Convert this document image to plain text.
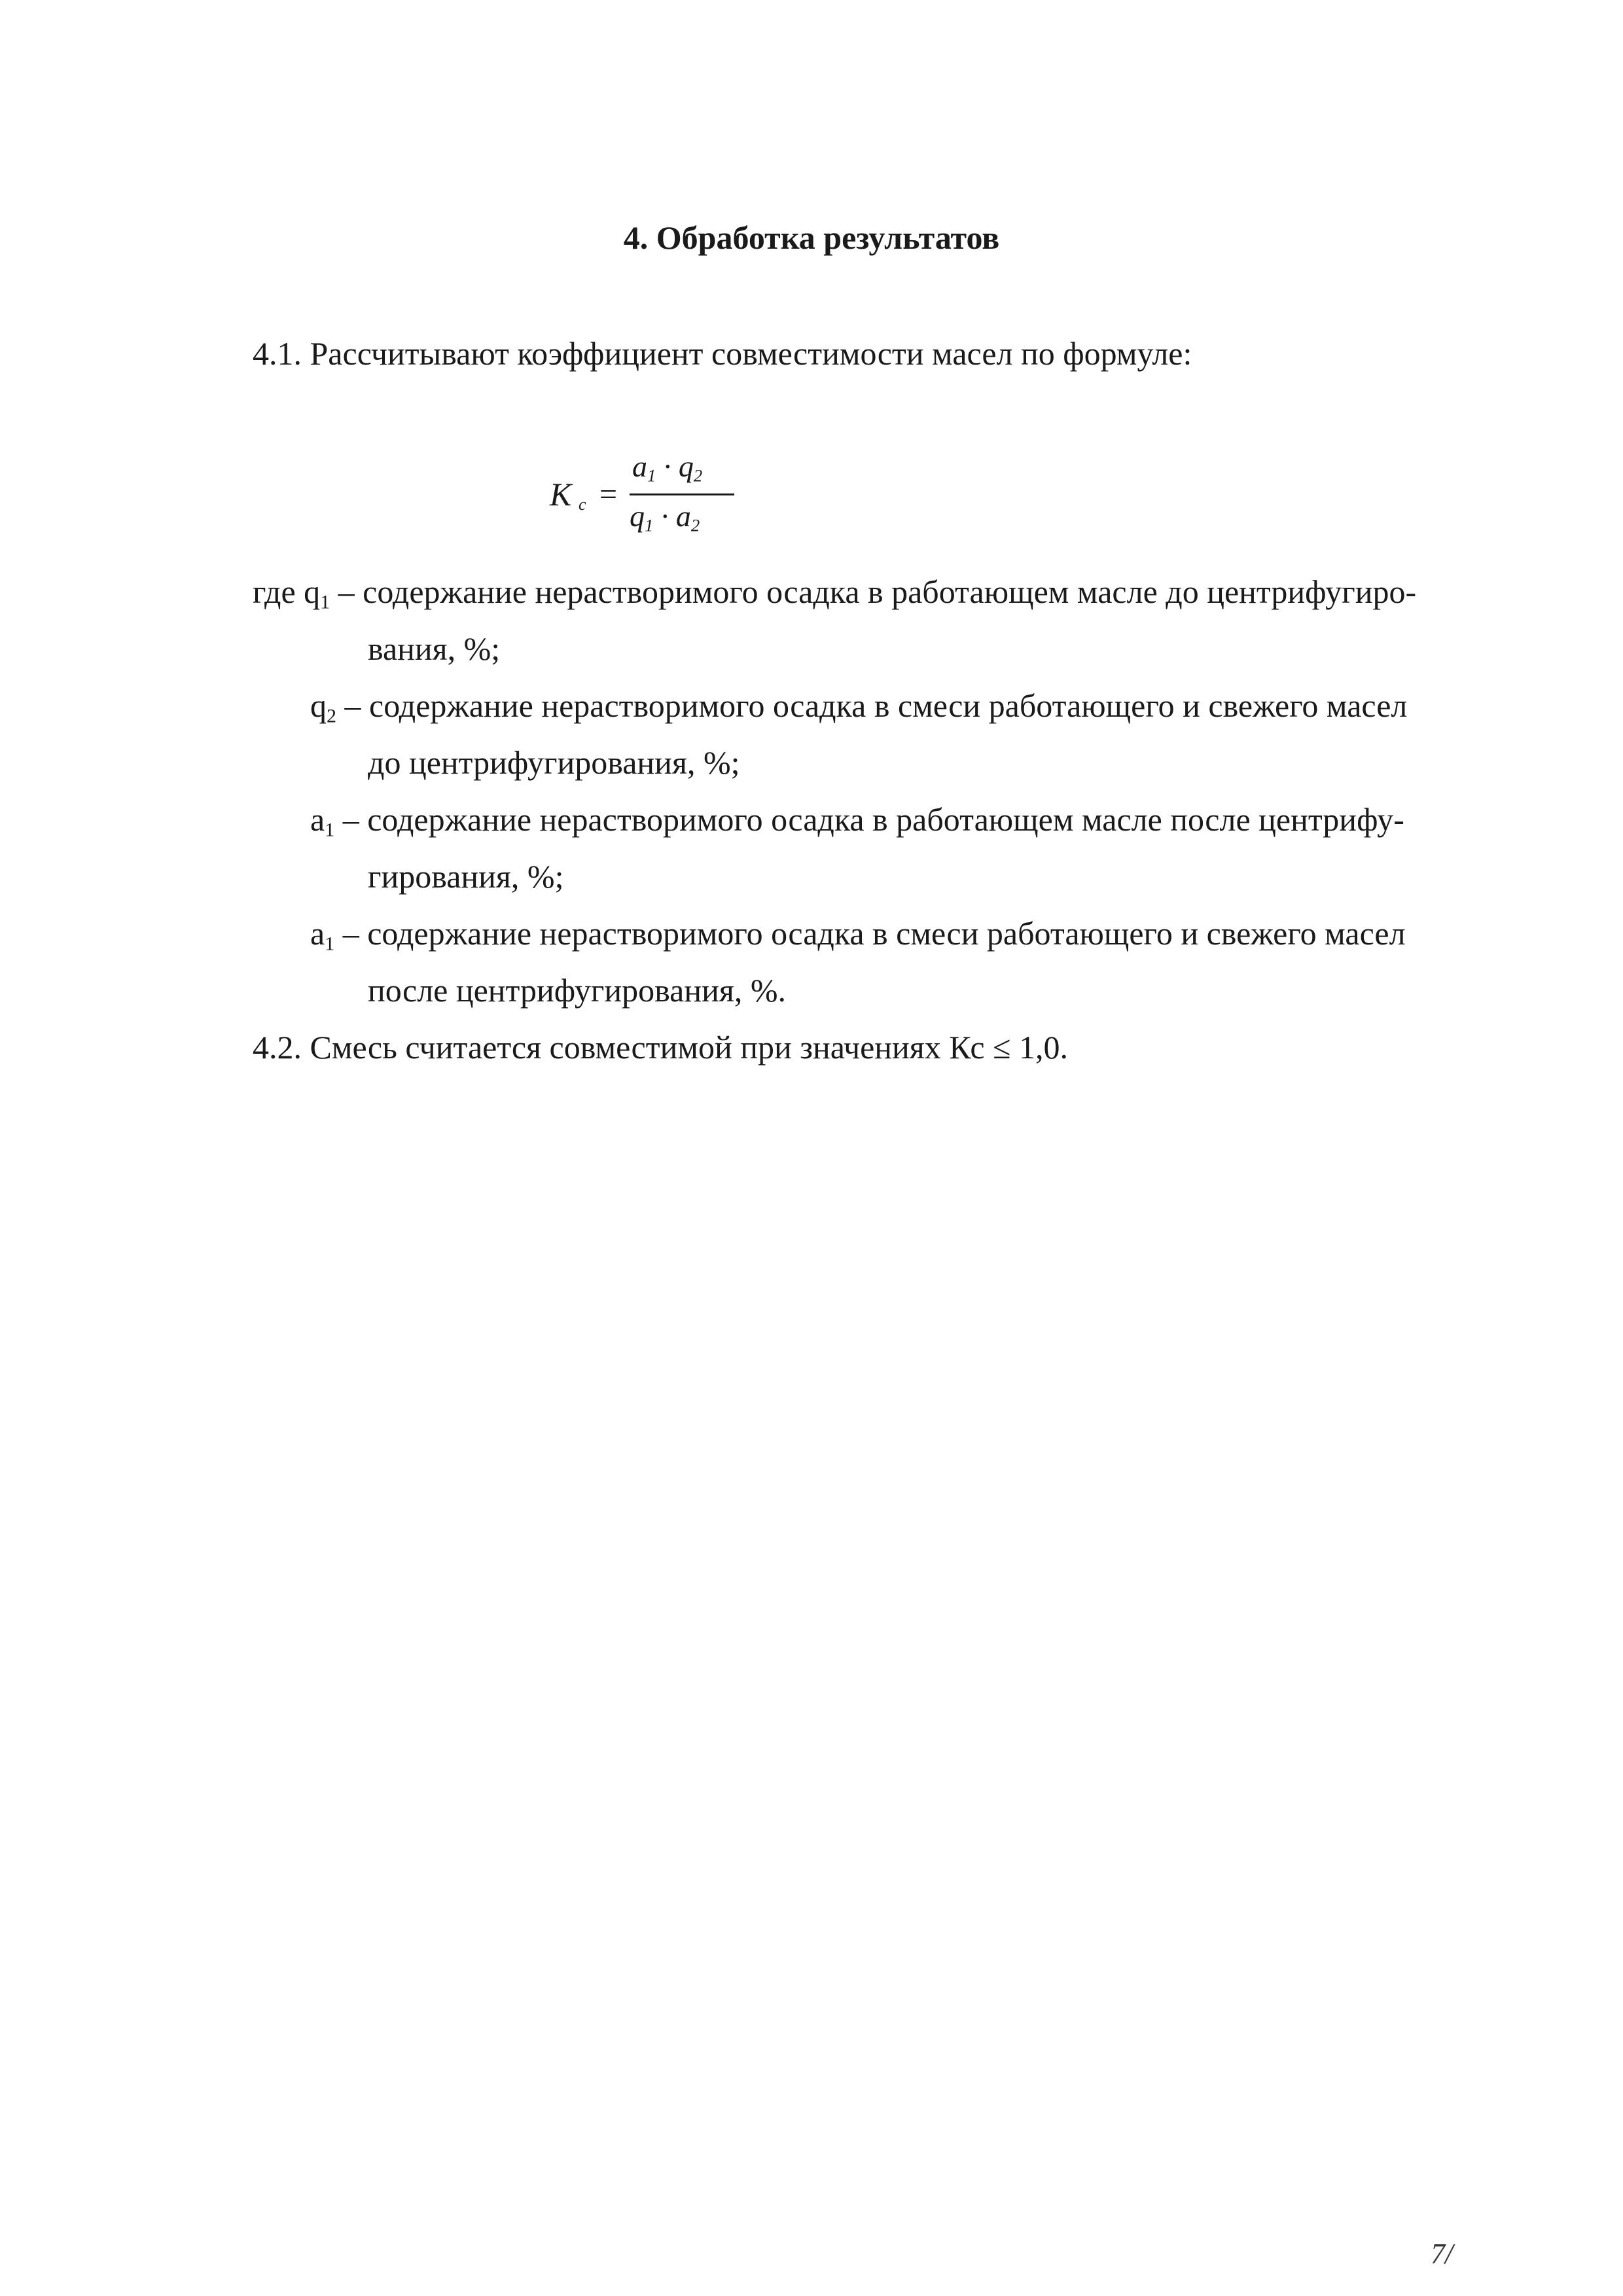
4. Обработка результатов
4.1. Рассчитывают коэффициент совместимости масел по формуле:
K c =
$a_1 \cdot q_2$
$q_1 \cdot a_2$
где $q_1$ – содержание нерастворимого осадка в работающем масле до центрифугиро-
вания, %;
$q_2$ – содержание нерастворимого осадка в смеси работающего и свежего масел
до центрифугирования, %;
$a_1$ – содержание нерастворимого осадка в работающем масле после центрифу-
гирования, %;
$a_1$ – содержание нерастворимого осадка в смеси работающего и свежего масел
после центрифугирования, %.
4.2. Смесь считается совместимой при значениях Кс ≤ 1,0.
7/
